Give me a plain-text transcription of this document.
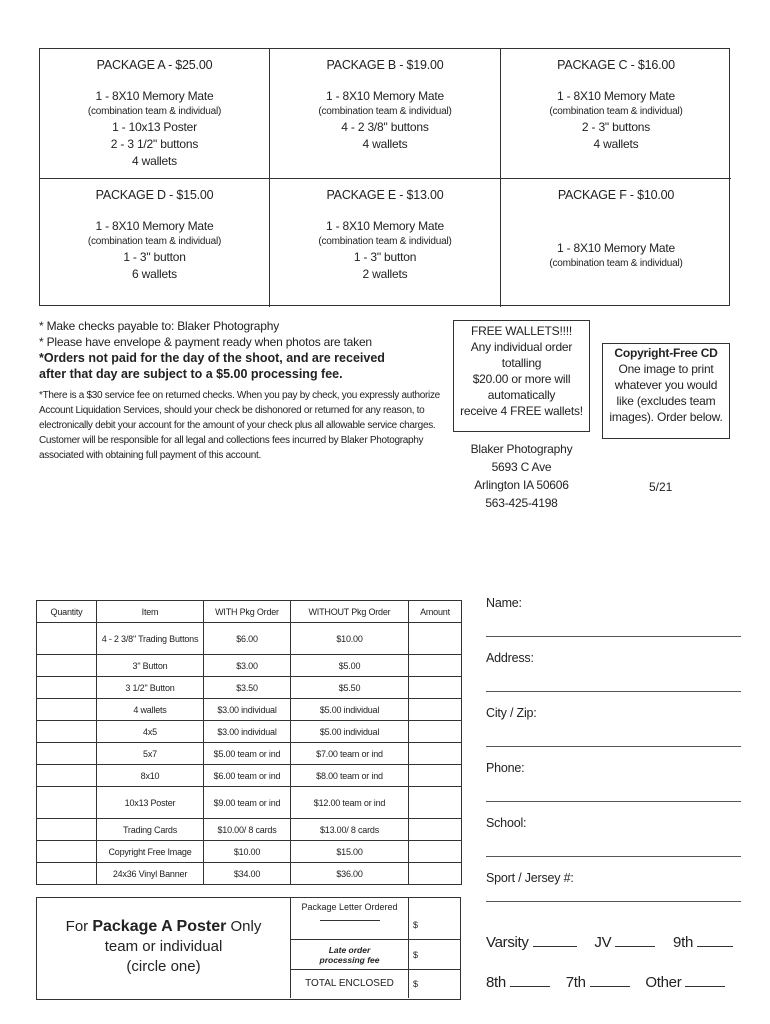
PACKAGE A - $25.00
1 - 8X10 Memory Mate
(combination team & individual)
1 - 10x13 Poster
2 - 3 1/2" buttons
4 wallets
PACKAGE B - $19.00
1 - 8X10 Memory Mate
(combination team & individual)
4 - 2 3/8" buttons
4 wallets
PACKAGE C - $16.00
1 - 8X10 Memory Mate
(combination team & individual)
2 - 3" buttons
4 wallets
PACKAGE D - $15.00
1 - 8X10 Memory Mate
(combination team & individual)
1 - 3" button
6 wallets
PACKAGE E - $13.00
1 - 8X10 Memory Mate
(combination team & individual)
1 - 3" button
2 wallets
PACKAGE F - $10.00
1 - 8X10 Memory Mate
(combination team & individual)
* Make checks payable to: Blaker Photography
* Please have envelope & payment ready when photos are taken
*Orders not paid for the day of the shoot, and are received
after that day are subject to a $5.00 processing fee.
*There is a $30 service fee on returned checks. When you pay by check, you expressly authorize Account Liquidation Services, should your check be dishonored or returned for any reason, to electronically debit your account for the amount of your check plus all allowable service charges. Customer will be responsible for all legal and collections fees incurred by Blaker Photography associated with obtaining full payment of this account.
FREE WALLETS!!!!
Any individual order
totalling
$20.00 or more will
automatically
receive 4 FREE wallets!
Copyright-Free CD
One image to print
whatever you would
like (excludes team
images). Order below.
Blaker Photography
5693 C Ave
Arlington IA 50606
563-425-4198
5/21
Quantity	Item	WITH Pkg Order	WITHOUT Pkg Order	Amount
	4 - 2 3/8" Trading Buttons	$6.00	$10.00	
	3" Button	$3.00	$5.00	
	3 1/2" Button	$3.50	$5.50	
	4 wallets	$3.00 individual	$5.00 individual	
	4x5	$3.00 individual	$5.00 individual	
	5x7	$5.00 team or ind	$7.00 team or ind	
	8x10	$6.00 team or ind	$8.00 team or ind	
	10x13 Poster	$9.00 team or ind	$12.00 team or ind	
	Trading Cards	$10.00/ 8 cards	$13.00/ 8 cards	
	Copyright Free Image	$10.00	$15.00	
	24x36 Vinyl Banner	$34.00	$36.00	
For Package A Poster Only
team or individual
(circle one)
Package Letter Ordered
$
Late order
processing fee	$
TOTAL ENCLOSED	$
Name:
Address:
City / Zip:
Phone:
School:
Sport / Jersey #:
Varsity	JV	9th
8th	7th	Other
